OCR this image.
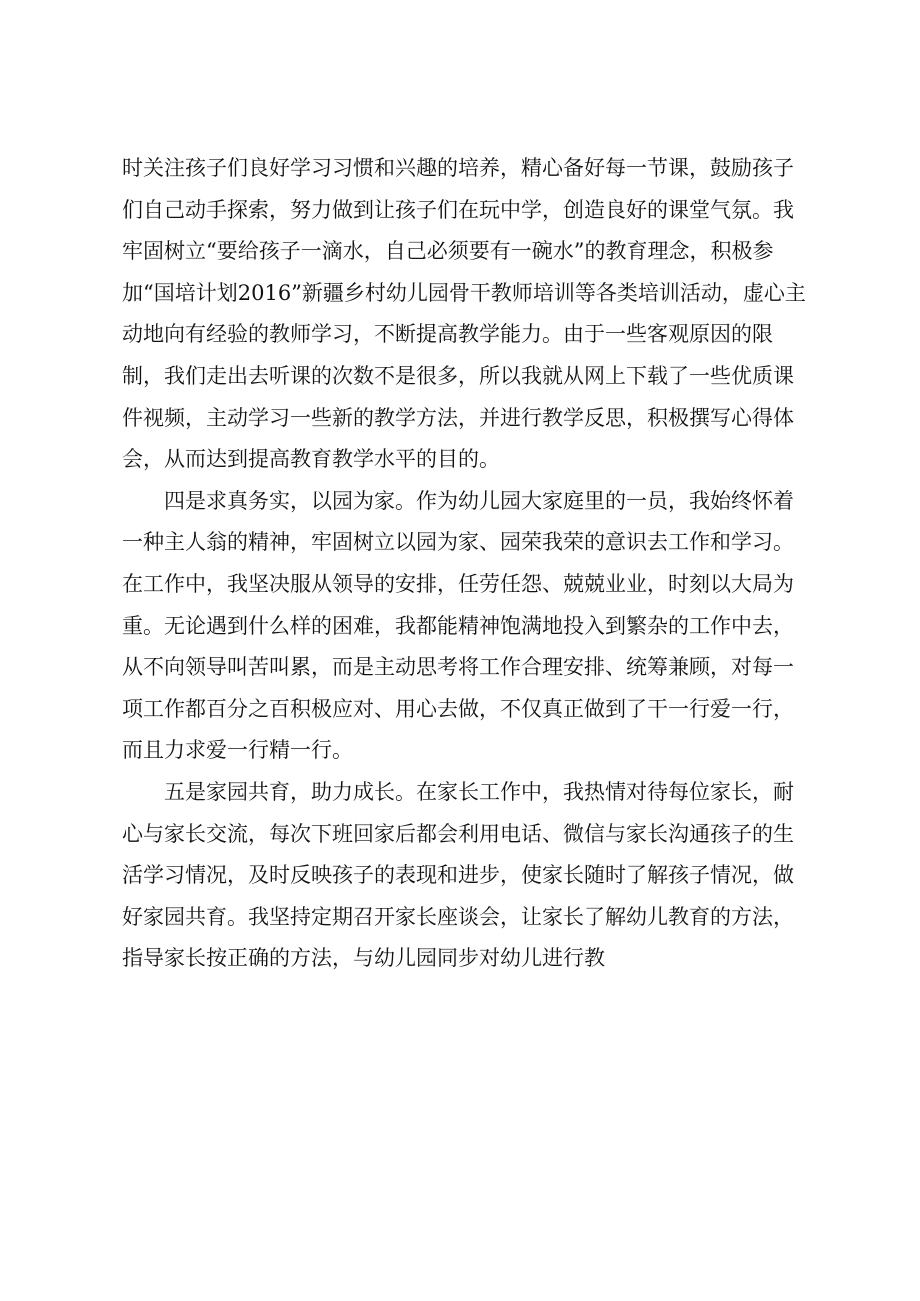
时关注孩子们良好学习习惯和兴趣的培养，精心备好每一节课，鼓励孩子们自己动手探索，努力做到让孩子们在玩中学，创造良好的课堂气氛。我牢固树立“要给孩子一滴水，自己必须要有一碗水”的教育理念，积极参加“国培计划2016”新疆乡村幼儿园骨干教师培训等各类培训活动，虚心主动地向有经验的教师学习，不断提高教学能力。由于一些客观原因的限制，我们走出去听课的次数不是很多，所以我就从网上下载了一些优质课件视频，主动学习一些新的教学方法，并进行教学反思，积极撰写心得体会，从而达到提高教育教学水平的目的。

四是求真务实，以园为家。作为幼儿园大家庭里的一员，我始终怀着一种主人翁的精神，牢固树立以园为家、园荣我荣的意识去工作和学习。在工作中，我坚决服从领导的安排，任劳任怨、兢兢业业，时刻以大局为重。无论遇到什么样的困难，我都能精神饱满地投入到繁杂的工作中去，从不向领导叫苦叫累，而是主动思考将工作合理安排、统筹兼顾，对每一项工作都百分之百积极应对、用心去做，不仅真正做到了干一行爱一行，而且力求爱一行精一行。

五是家园共育，助力成长。在家长工作中，我热情对待每位家长，耐心与家长交流，每次下班回家后都会利用电话、微信与家长沟通孩子的生活学习情况，及时反映孩子的表现和进步，使家长随时了解孩子情况，做好家园共育。我坚持定期召开家长座谈会，让家长了解幼儿教育的方法，指导家长按正确的方法，与幼儿园同步对幼儿进行教
